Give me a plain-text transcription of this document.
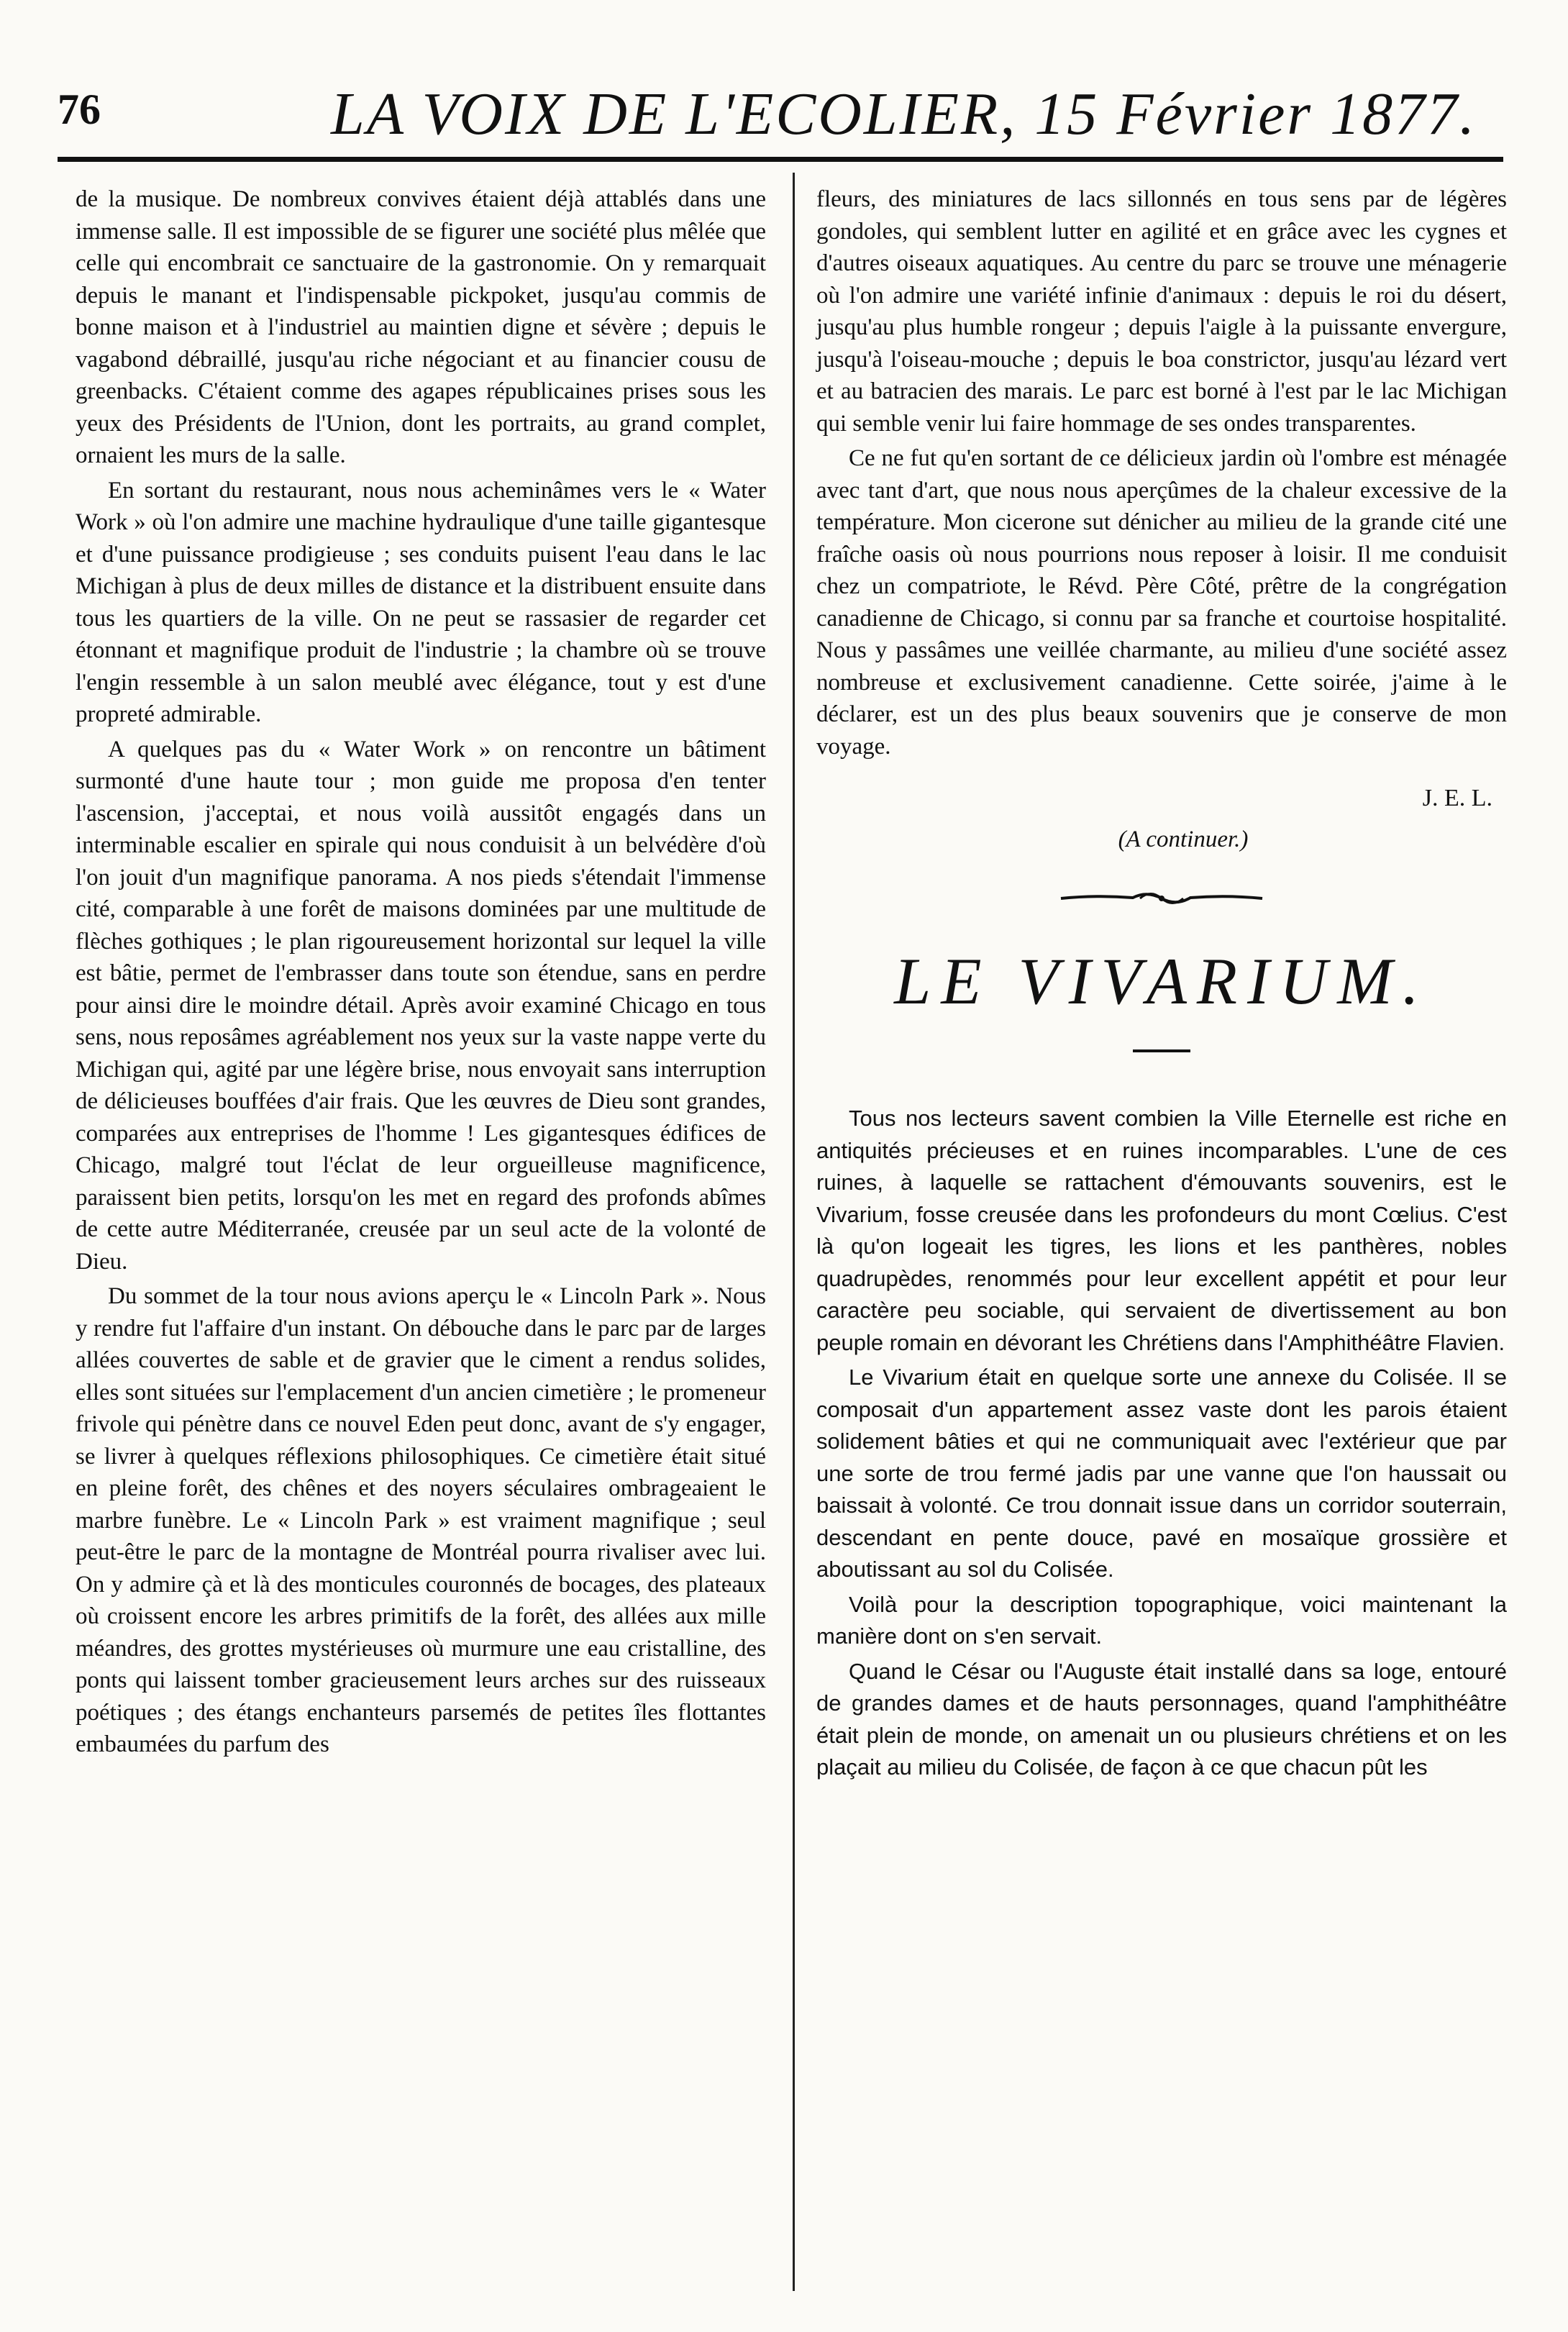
76	LA VOIX DE L'ECOLIER, 15 Février 1877.

de la musique. De nombreux convives étaient déjà attablés dans une immense salle. Il est impossible de se figurer une société plus mêlée que celle qui encombrait ce sanctuaire de la gastronomie. On y remarquait depuis le manant et l'indispensable pickpoket, jusqu'au commis de bonne maison et à l'industriel au maintien digne et sévère ; depuis le vagabond débraillé, jusqu'au riche négociant et au financier cousu de greenbacks. C'étaient comme des agapes républicaines prises sous les yeux des Présidents de l'Union, dont les portraits, au grand complet, ornaient les murs de la salle.

En sortant du restaurant, nous nous acheminâmes vers le « Water Work » où l'on admire une machine hydraulique d'une taille gigantesque et d'une puissance prodigieuse ; ses conduits puisent l'eau dans le lac Michigan à plus de deux milles de distance et la distribuent ensuite dans tous les quartiers de la ville. On ne peut se rassasier de regarder cet étonnant et magnifique produit de l'industrie ; la chambre où se trouve l'engin ressemble à un salon meublé avec élégance, tout y est d'une propreté admirable.

A quelques pas du « Water Work » on rencontre un bâtiment surmonté d'une haute tour ; mon guide me proposa d'en tenter l'ascension, j'acceptai, et nous voilà aussitôt engagés dans un interminable escalier en spirale qui nous conduisit à un belvédère d'où l'on jouit d'un magnifique panorama. A nos pieds s'étendait l'immense cité, comparable à une forêt de maisons dominées par une multitude de flèches gothiques ; le plan rigoureusement horizontal sur lequel la ville est bâtie, permet de l'embrasser dans toute son étendue, sans en perdre pour ainsi dire le moindre détail. Après avoir examiné Chicago en tous sens, nous reposâmes agréablement nos yeux sur la vaste nappe verte du Michigan qui, agité par une légère brise, nous envoyait sans interruption de délicieuses bouffées d'air frais. Que les œuvres de Dieu sont grandes, comparées aux entreprises de l'homme ! Les gigantesques édifices de Chicago, malgré tout l'éclat de leur orgueilleuse magnificence, paraissent bien petits, lorsqu'on les met en regard des profonds abîmes de cette autre Méditerranée, creusée par un seul acte de la volonté de Dieu.

Du sommet de la tour nous avions aperçu le « Lincoln Park ». Nous y rendre fut l'affaire d'un instant. On débouche dans le parc par de larges allées couvertes de sable et de gravier que le ciment a rendus solides, elles sont situées sur l'emplacement d'un ancien cimetière ; le promeneur frivole qui pénètre dans ce nouvel Eden peut donc, avant de s'y engager, se livrer à quelques réflexions philosophiques. Ce cimetière était situé en pleine forêt, des chênes et des noyers séculaires ombrageaient le marbre funèbre. Le « Lincoln Park » est vraiment magnifique ; seul peut-être le parc de la montagne de Montréal pourra rivaliser avec lui. On y admire çà et là des monticules couronnés de bocages, des plateaux où croissent encore les arbres primitifs de la forêt, des allées aux mille méandres, des grottes mystérieuses où murmure une eau cristalline, des ponts qui laissent tomber gracieusement leurs arches sur des ruisseaux poétiques ; des étangs enchanteurs parsemés de petites îles flottantes embaumées du parfum des

fleurs, des miniatures de lacs sillonnés en tous sens par de légères gondoles, qui semblent lutter en agilité et en grâce avec les cygnes et d'autres oiseaux aquatiques. Au centre du parc se trouve une ménagerie où l'on admire une variété infinie d'animaux : depuis le roi du désert, jusqu'au plus humble rongeur ; depuis l'aigle à la puissante envergure, jusqu'à l'oiseau-mouche ; depuis le boa constrictor, jusqu'au lézard vert et au batracien des marais. Le parc est borné à l'est par le lac Michigan qui semble venir lui faire hommage de ses ondes transparentes.

Ce ne fut qu'en sortant de ce délicieux jardin où l'ombre est ménagée avec tant d'art, que nous nous aperçûmes de la chaleur excessive de la température. Mon cicerone sut dénicher au milieu de la grande cité une fraîche oasis où nous pourrions nous reposer à loisir. Il me conduisit chez un compatriote, le Révd. Père Côté, prêtre de la congrégation canadienne de Chicago, si connu par sa franche et courtoise hospitalité. Nous y passâmes une veillée charmante, au milieu d'une société assez nombreuse et exclusivement canadienne. Cette soirée, j'aime à le déclarer, est un des plus beaux souvenirs que je conserve de mon voyage.

J. E. L.
(A continuer.)
LE VIVARIUM.

Tous nos lecteurs savent combien la Ville Eternelle est riche en antiquités précieuses et en ruines incomparables. L'une de ces ruines, à laquelle se rattachent d'émouvants souvenirs, est le Vivarium, fosse creusée dans les profondeurs du mont Cœlius. C'est là qu'on logeait les tigres, les lions et les panthères, nobles quadrupèdes, renommés pour leur excellent appétit et pour leur caractère peu sociable, qui servaient de divertissement au bon peuple romain en dévorant les Chrétiens dans l'Amphithéâtre Flavien.

Le Vivarium était en quelque sorte une annexe du Colisée. Il se composait d'un appartement assez vaste dont les parois étaient solidement bâties et qui ne communiquait avec l'extérieur que par une sorte de trou fermé jadis par une vanne que l'on haussait ou baissait à volonté. Ce trou donnait issue dans un corridor souterrain, descendant en pente douce, pavé en mosaïque grossière et aboutissant au sol du Colisée.

Voilà pour la description topographique, voici maintenant la manière dont on s'en servait.

Quand le César ou l'Auguste était installé dans sa loge, entouré de grandes dames et de hauts personnages, quand l'amphithéâtre était plein de monde, on amenait un ou plusieurs chrétiens et on les plaçait au milieu du Colisée, de façon à ce que chacun pût les
